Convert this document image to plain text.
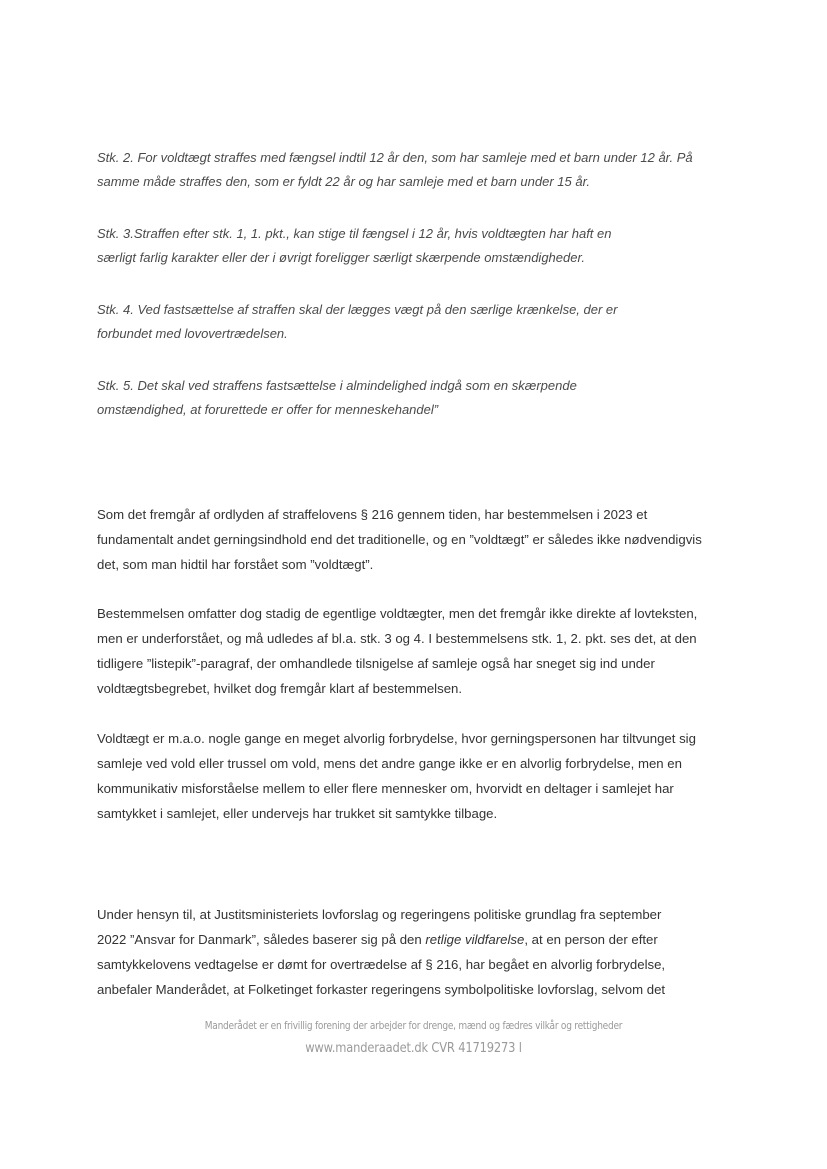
Stk. 2. For voldtægt straffes med fængsel indtil 12 år den, som har samleje med et barn under 12 år. På
samme måde straffes den, som er fyldt 22 år og har samleje med et barn under 15 år.
Stk. 3.Straffen efter stk. 1, 1. pkt., kan stige til fængsel i 12 år, hvis voldtægten har haft en
særligt farlig karakter eller der i øvrigt foreligger særligt skærpende omstændigheder.
Stk. 4. Ved fastsættelse af straffen skal der lægges vægt på den særlige krænkelse, der er
forbundet med lovovertrædelsen.
Stk. 5. Det skal ved straffens fastsættelse i almindelighed indgå som en skærpende
omstændighed, at forurettede er offer for menneskehandel”
Som det fremgår af ordlyden af straffelovens § 216 gennem tiden, har bestemmelsen i 2023 et
fundamentalt andet gerningsindhold end det traditionelle, og en ”voldtægt” er således ikke nødvendigvis
det, som man hidtil har forstået som ”voldtægt”.
Bestemmelsen omfatter dog stadig de egentlige voldtægter, men det fremgår ikke direkte af lovteksten,
men er underforstået, og må udledes af bl.a. stk. 3 og 4. I bestemmelsens stk. 1, 2. pkt. ses det, at den
tidligere ”listepik”-paragraf, der omhandlede tilsnigelse af samleje også har sneget sig ind under
voldtægtsbegrebet, hvilket dog fremgår klart af bestemmelsen.
Voldtægt er m.a.o. nogle gange en meget alvorlig forbrydelse, hvor gerningspersonen har tiltvunget sig
samleje ved vold eller trussel om vold, mens det andre gange ikke er en alvorlig forbrydelse, men en
kommunikativ misforståelse mellem to eller flere mennesker om, hvorvidt en deltager i samlejet har
samtykket i samlejet, eller undervejs har trukket sit samtykke tilbage.
Under hensyn til, at Justitsministeriets lovforslag og regeringens politiske grundlag fra september
2022 ”Ansvar for Danmark”, således baserer sig på den retlige vildfarelse, at en person der efter
samtykkelovens vedtagelse er dømt for overtrædelse af § 216, har begået en alvorlig forbrydelse,
anbefaler Manderådet, at Folketinget forkaster regeringens symbolpolitiske lovforslag, selvom det
Manderådet er en frivillig forening der arbejder for drenge, mænd og fædres vilkår og rettigheder
www.manderaadet.dk CVR 41719273 l
